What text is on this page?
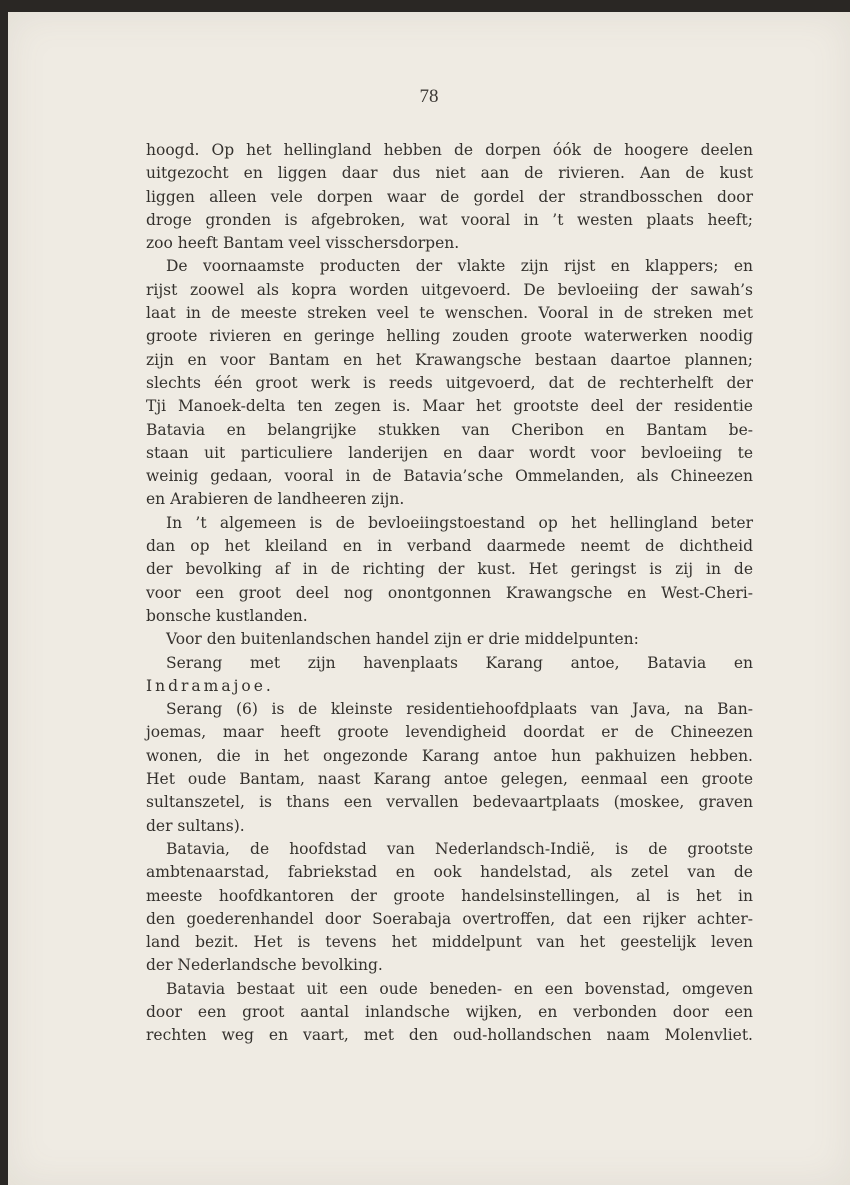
78
hoogd. Op het hellingland hebben de dorpen óók de hoogere deelen
uitgezocht en liggen daar dus niet aan de rivieren. Aan de kust
liggen alleen vele dorpen waar de gordel der strandbosschen door
droge gronden is afgebroken, wat vooral in ’t westen plaats heeft;
zoo heeft Bantam veel visschersdorpen.
De voornaamste producten der vlakte zijn rijst en klappers; en
rijst zoowel als kopra worden uitgevoerd. De bevloeiing der sawah’s
laat in de meeste streken veel te wenschen. Vooral in de streken met
groote rivieren en geringe helling zouden groote waterwerken noodig
zijn en voor Bantam en het Krawangsche bestaan daartoe plannen;
slechts één groot werk is reeds uitgevoerd, dat de rechterhelft der
Tji Manoek-delta ten zegen is. Maar het grootste deel der residentie
Batavia en belangrijke stukken van Cheribon en Bantam be-
staan uit particuliere landerijen en daar wordt voor bevloeiing te
weinig gedaan, vooral in de Batavia’sche Ommelanden, als Chineezen
en Arabieren de landheeren zijn.
In ’t algemeen is de bevloeiingstoestand op het hellingland beter
dan op het kleiland en in verband daarmede neemt de dichtheid
der bevolking af in de richting der kust. Het geringst is zij in de
voor een groot deel nog onontgonnen Krawangsche en West-Cheri-
bonsche kustlanden.
Voor den buitenlandschen handel zijn er drie middelpunten:
Serang met zijn havenplaats Karang antoe, Batavia en
Indramajoe.
Serang (6) is de kleinste residentiehoofdplaats van Java, na Ban-
joemas, maar heeft groote levendigheid doordat er de Chineezen
wonen, die in het ongezonde Karang antoe hun pakhuizen hebben.
Het oude Bantam, naast Karang antoe gelegen, eenmaal een groote
sultanszetel, is thans een vervallen bedevaartplaats (moskee, graven
der sultans).
Batavia, de hoofdstad van Nederlandsch-Indië, is de grootste
ambtenaarstad, fabriekstad en ook handelstad, als zetel van de
meeste hoofdkantoren der groote handelsinstellingen, al is het in
den goederenhandel door Soerabaja overtroffen, dat een rijker achter-
land bezit. Het is tevens het middelpunt van het geestelijk leven
der Nederlandsche bevolking.
Batavia bestaat uit een oude beneden- en een bovenstad, omgeven
door een groot aantal inlandsche wijken, en verbonden door een
rechten weg en vaart, met den oud-hollandschen naam Molenvliet.
